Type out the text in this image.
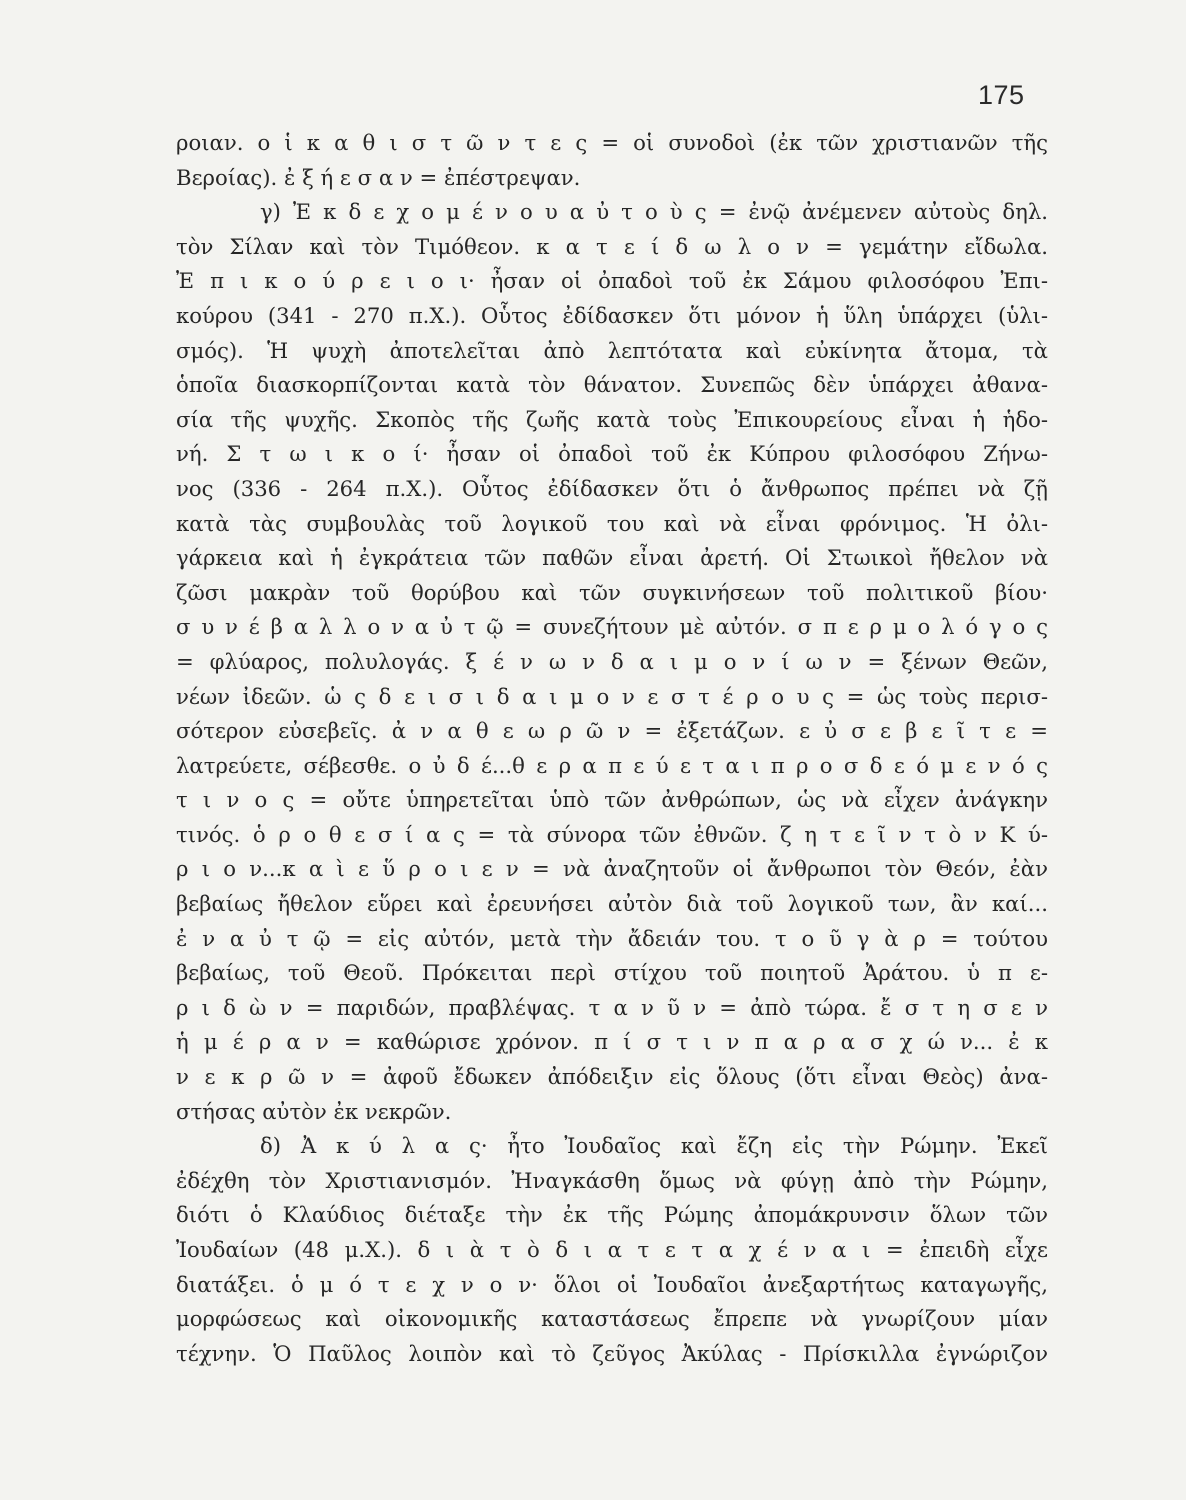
175
ροιαν. ο ἱ κ α θ ι σ τ ῶ ν τ ε ς = οἱ συνοδοὶ (ἐκ τῶν χριστιανῶν τῆς
Βεροίας). ἐ ξ ή ε σ α ν = ἐπέστρεψαν.
γ) Ἐ κ δ ε χ ο μ έ ν ο υ α ὐ τ ο ὺ ς = ἐνῷ ἀνέμενεν αὐτοὺς δηλ.
τὸν Σίλαν καὶ τὸν Τιμόθεον. κ α τ ε ί δ ω λ ο ν = γεμάτην εἴδωλα.
Ἐ π ι κ ο ύ ρ ε ι ο ι· ἦσαν οἱ ὀπαδοὶ τοῦ ἐκ Σάμου φιλοσόφου Ἐπι-
κούρου (341 - 270 π.Χ.). Οὗτος ἐδίδασκεν ὅτι μόνον ἡ ὕλη ὑπάρχει (ὑλι-
σμός). Ἡ ψυχὴ ἀποτελεῖται ἀπὸ λεπτότατα καὶ εὐκίνητα ἄτομα, τὰ
ὁποῖα διασκορπίζονται κατὰ τὸν θάνατον. Συνεπῶς δὲν ὑπάρχει ἀθανα-
σία τῆς ψυχῆς. Σκοπὸς τῆς ζωῆς κατὰ τοὺς Ἐπικουρείους εἶναι ἡ ἡδο-
νή. Σ τ ω ι κ ο ί· ἦσαν οἱ ὀπαδοὶ τοῦ ἐκ Κύπρου φιλοσόφου Ζήνω-
νος (336 - 264 π.Χ.). Οὗτος ἐδίδασκεν ὅτι ὁ ἄνθρωπος πρέπει νὰ ζῇ
κατὰ τὰς συμβουλὰς τοῦ λογικοῦ του καὶ νὰ εἶναι φρόνιμος. Ἡ ὀλι-
γάρκεια καὶ ἡ ἐγκράτεια τῶν παθῶν εἶναι ἀρετή. Οἱ Στωικοὶ ἤθελον νὰ
ζῶσι μακρὰν τοῦ θορύβου καὶ τῶν συγκινήσεων τοῦ πολιτικοῦ βίου·
σ υ ν έ β α λ λ ο ν α ὐ τ ῷ = συνεζήτουν μὲ αὐτόν. σ π ε ρ μ ο λ ό γ ο ς
= φλύαρος, πολυλογάς. ξ έ ν ω ν δ α ι μ ο ν ί ω ν = ξένων Θεῶν,
νέων ἰδεῶν. ὡ ς δ ε ι σ ι δ α ι μ ο ν ε σ τ έ ρ ο υ ς = ὡς τοὺς περισ-
σότερον εὐσεβεῖς. ἀ ν α θ ε ω ρ ῶ ν = ἐξετάζων. ε ὐ σ ε β ε ῖ τ ε =
λατρεύετε, σέβεσθε. ο ὐ δ έ...θ ε ρ α π ε ύ ε τ α ι π ρ ο σ δ ε ό μ ε ν ό ς
τ ι ν ο ς = οὔτε ὑπηρετεῖται ὑπὸ τῶν ἀνθρώπων, ὡς νὰ εἶχεν ἀνάγκην
τινός. ὁ ρ ο θ ε σ ί α ς = τὰ σύνορα τῶν ἐθνῶν. ζ η τ ε ῖ ν τ ὸ ν Κ ύ-
ρ ι ο ν...κ α ὶ ε ὕ ρ ο ι ε ν = νὰ ἀναζητοῦν οἱ ἄνθρωποι τὸν Θεόν, ἐὰν
βεβαίως ἤθελον εὕρει καὶ ἐρευνήσει αὐτὸν διὰ τοῦ λογικοῦ των, ἂν καί...
ἐ ν α ὐ τ ῷ = εἰς αὐτόν, μετὰ τὴν ἄδειάν του. τ ο ῦ γ ὰ ρ = τούτου
βεβαίως, τοῦ Θεοῦ. Πρόκειται περὶ στίχου τοῦ ποιητοῦ Ἀράτου. ὑ π ε-
ρ ι δ ὼ ν = παριδών, πραβλέψας. τ α ν ῦ ν = ἀπὸ τώρα. ἔ σ τ η σ ε ν
ἡ μ έ ρ α ν = καθώρισε χρόνον. π ί σ τ ι ν π α ρ α σ χ ώ ν... ἐ κ
ν ε κ ρ ῶ ν = ἀφοῦ ἔδωκεν ἀπόδειξιν εἰς ὅλους (ὅτι εἶναι Θεὸς) ἀνα-
στήσας αὐτὸν ἐκ νεκρῶν.
δ) Ἀ κ ύ λ α ς· ἦτο Ἰουδαῖος καὶ ἔζη εἰς τὴν Ρώμην. Ἐκεῖ
ἐδέχθη τὸν Χριστιανισμόν. Ἠναγκάσθη ὅμως νὰ φύγῃ ἀπὸ τὴν Ρώμην,
διότι ὁ Κλαύδιος διέταξε τὴν ἐκ τῆς Ρώμης ἀπομάκρυνσιν ὅλων τῶν
Ἰουδαίων (48 μ.Χ.). δ ι ὰ τ ὸ δ ι α τ ε τ α χ έ ν α ι = ἐπειδὴ εἶχε
διατάξει. ὁ μ ό τ ε χ ν ο ν· ὅλοι οἱ Ἰουδαῖοι ἀνεξαρτήτως καταγωγῆς,
μορφώσεως καὶ οἰκονομικῆς καταστάσεως ἔπρεπε νὰ γνωρίζουν μίαν
τέχνην. Ὁ Παῦλος λοιπὸν καὶ τὸ ζεῦγος Ἀκύλας - Πρίσκιλλα ἐγνώριζον
